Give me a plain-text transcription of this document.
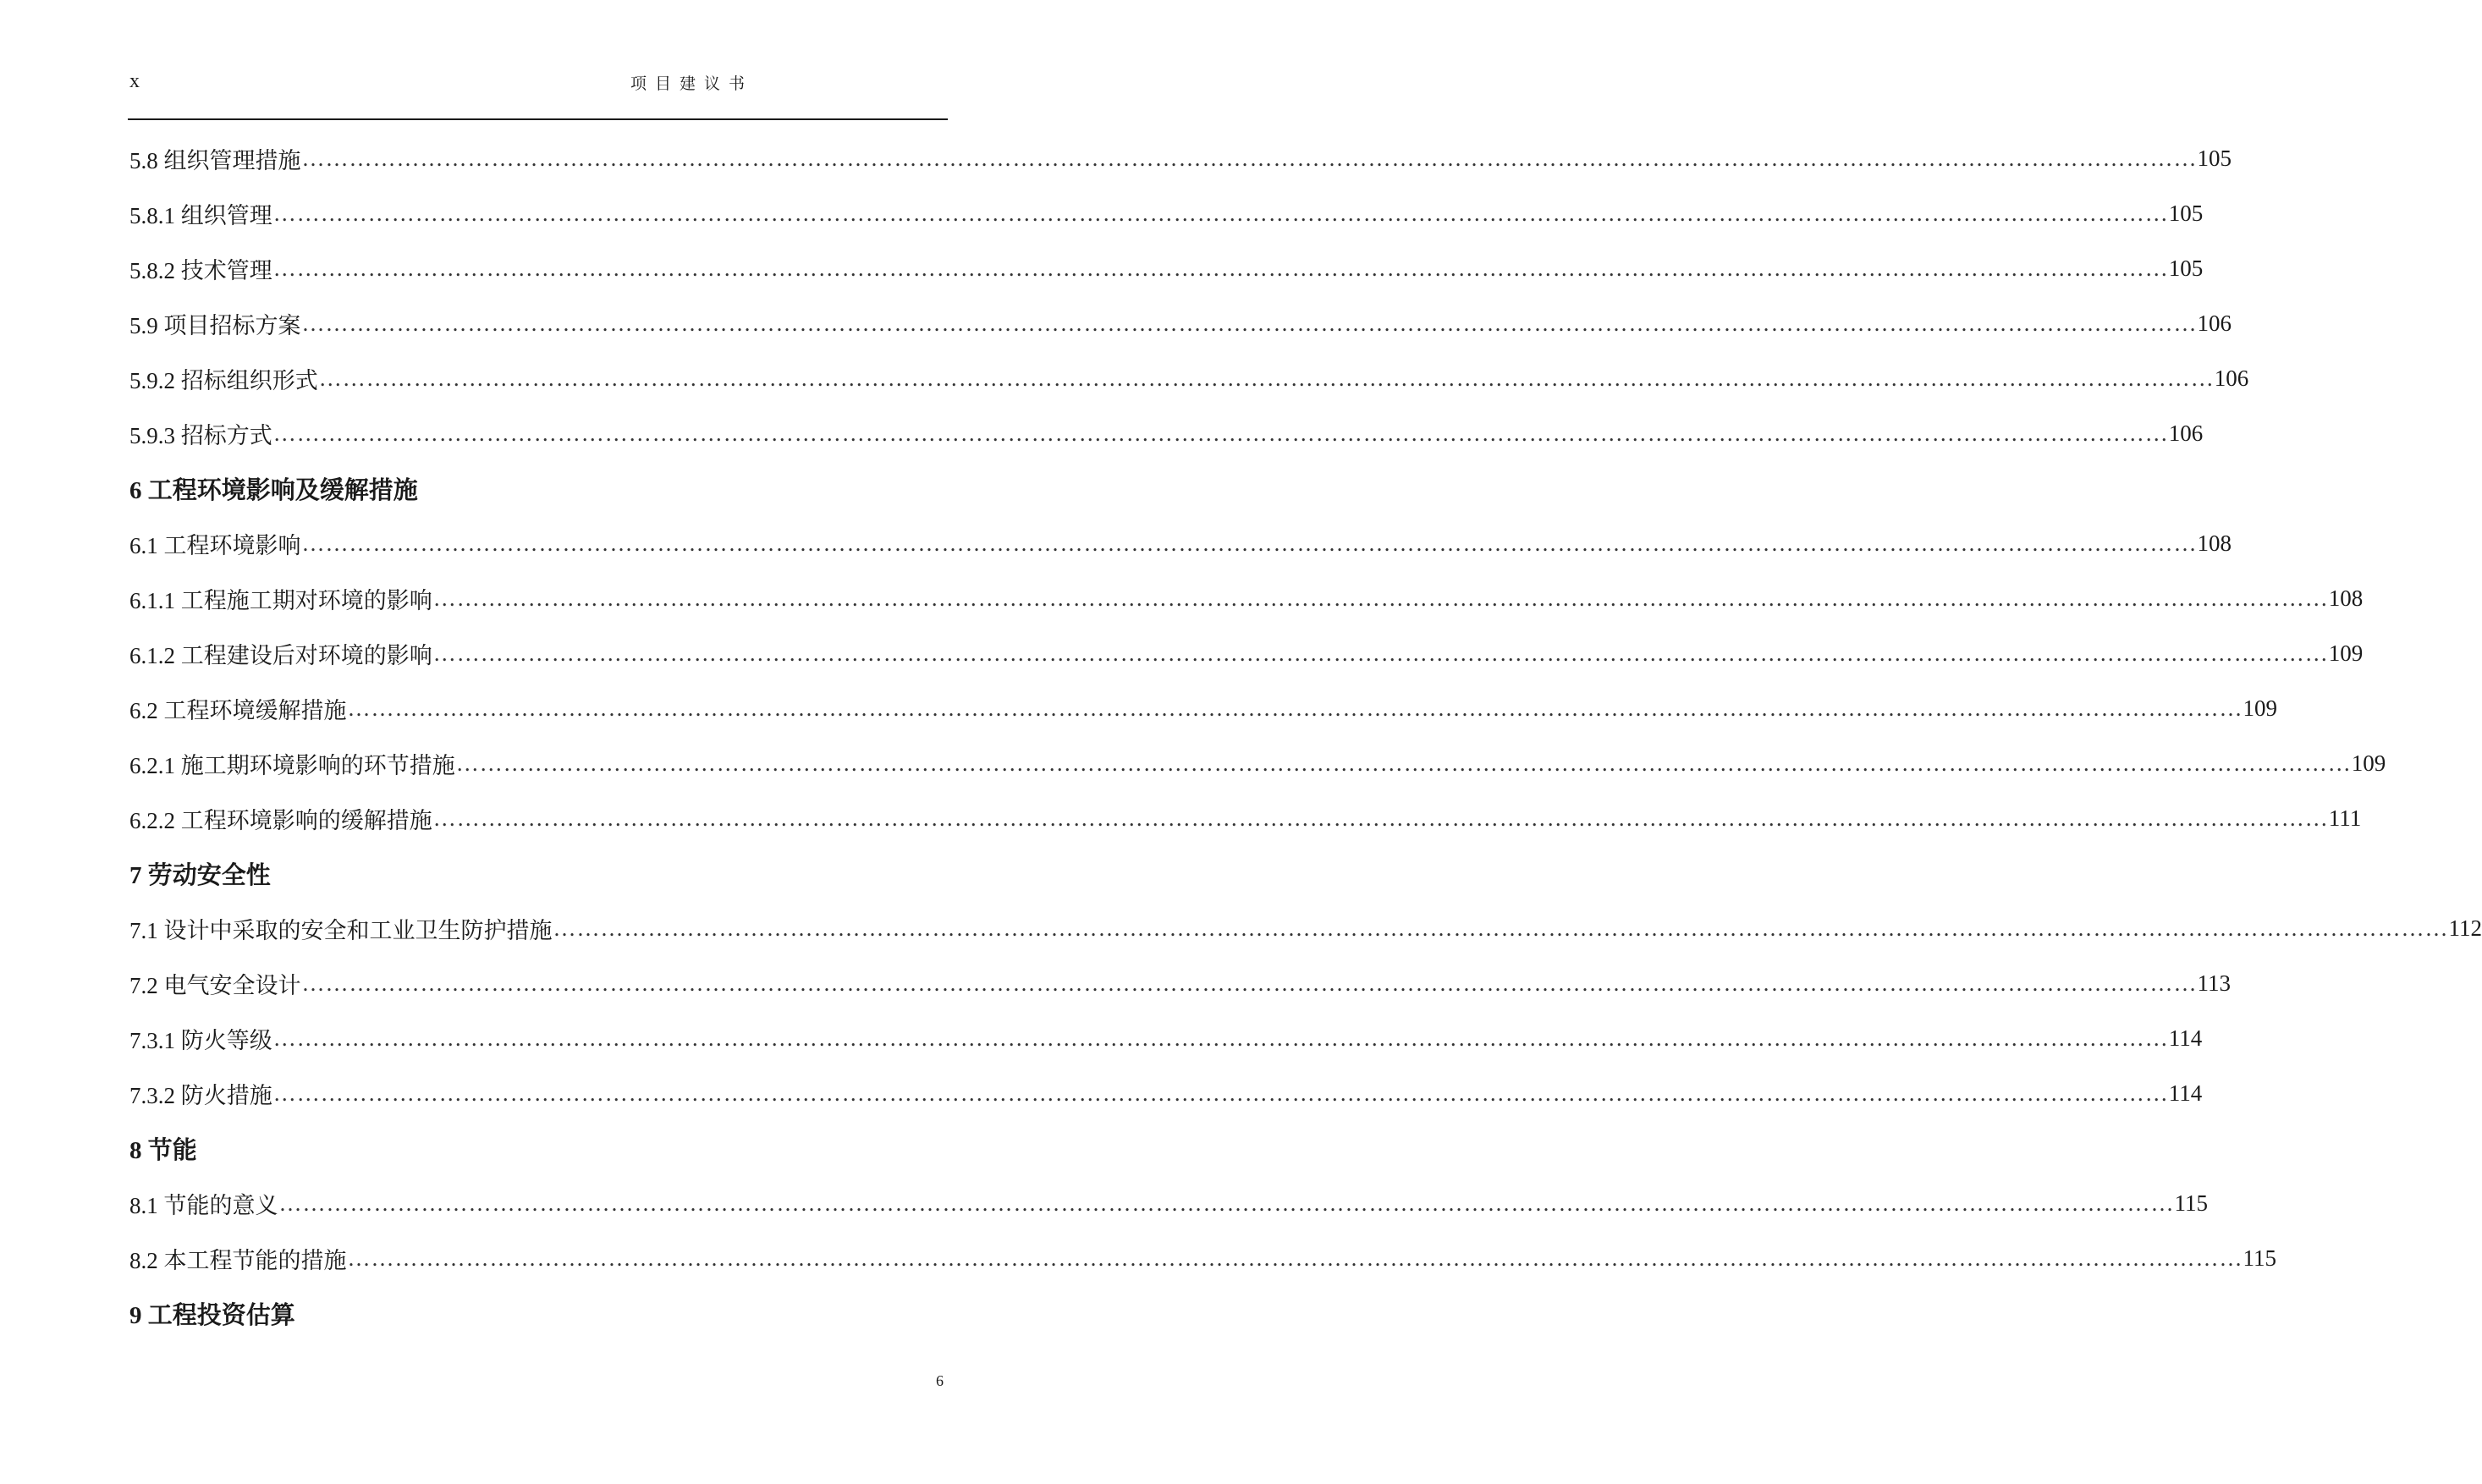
x	项目建议书
5.8 组织管理措施 …………………………………………………………………………………………………………………………………………………………………………………………………………………… 105
5.8.1 组织管理 …………………………………………………………………………………………………………………………………………………………………………………………………………………… 105
5.8.2 技术管理 …………………………………………………………………………………………………………………………………………………………………………………………………………………… 105
5.9 项目招标方案 …………………………………………………………………………………………………………………………………………………………………………………………………………………… 106
5.9.2 招标组织形式 …………………………………………………………………………………………………………………………………………………………………………………………………………………… 106
5.9.3 招标方式 …………………………………………………………………………………………………………………………………………………………………………………………………………………… 106
6 工程环境影响及缓解措施
6.1 工程环境影响 …………………………………………………………………………………………………………………………………………………………………………………………………………………… 108
6.1.1 工程施工期对环境的影响 …………………………………………………………………………………………………………………………………………………………………………………………………………………… 108
6.1.2 工程建设后对环境的影响 …………………………………………………………………………………………………………………………………………………………………………………………………………………… 109
6.2 工程环境缓解措施 …………………………………………………………………………………………………………………………………………………………………………………………………………………… 109
6.2.1 施工期环境影响的环节措施 …………………………………………………………………………………………………………………………………………………………………………………………………………………… 109
6.2.2 工程环境影响的缓解措施 …………………………………………………………………………………………………………………………………………………………………………………………………………………… 111
7 劳动安全性
7.1 设计中采取的安全和工业卫生防护措施 …………………………………………………………………………………………………………………………………………………………………………………………………………………… 112
7.2 电气安全设计 …………………………………………………………………………………………………………………………………………………………………………………………………………………… 113
7.3.1 防火等级 …………………………………………………………………………………………………………………………………………………………………………………………………………………… 114
7.3.2 防火措施 …………………………………………………………………………………………………………………………………………………………………………………………………………………… 114
8 节能
8.1 节能的意义 …………………………………………………………………………………………………………………………………………………………………………………………………………………… 115
8.2 本工程节能的措施 …………………………………………………………………………………………………………………………………………………………………………………………………………………… 115
9 工程投资估算
6
